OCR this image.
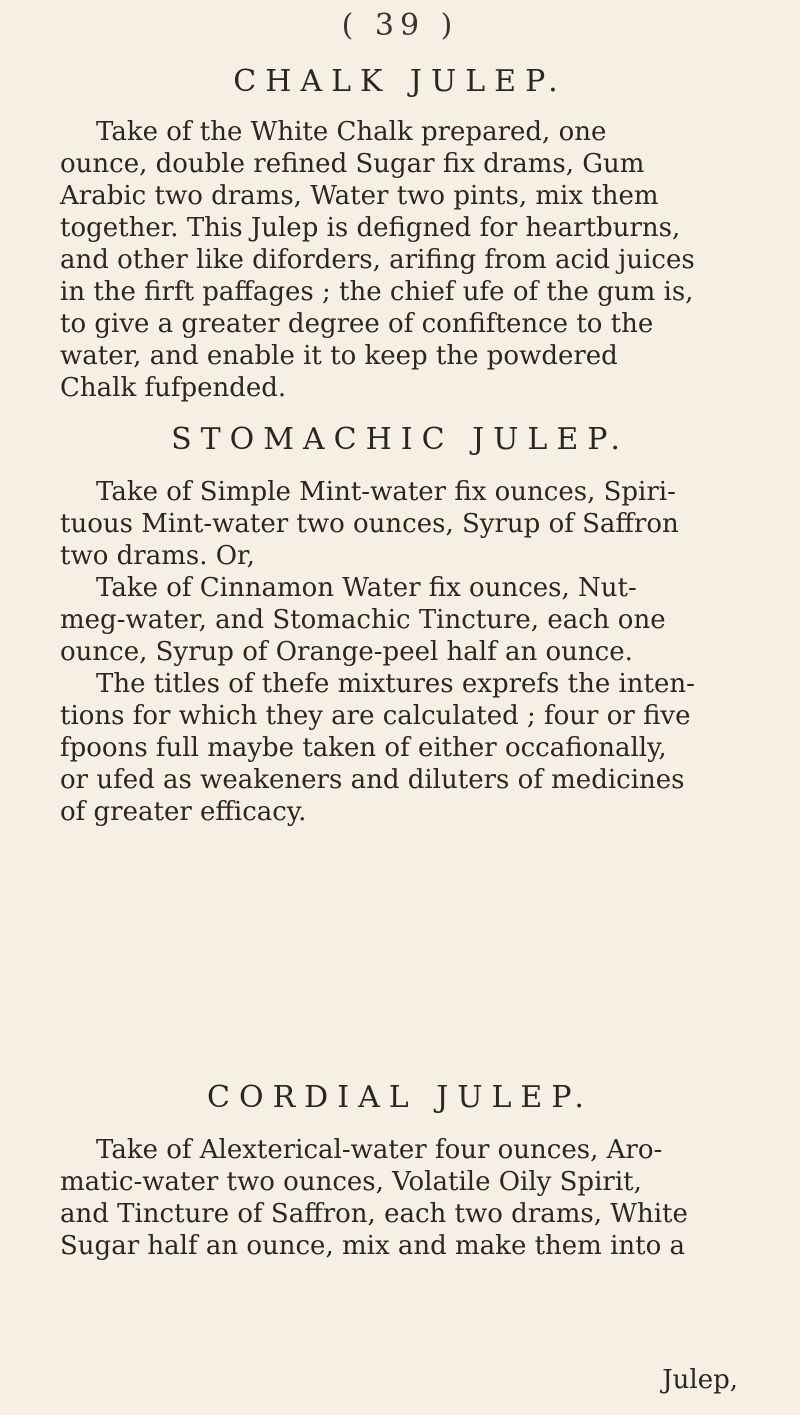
( 39 )
CHALK JULEP.

Take of the White Chalk prepared, one
ounce, double refined Sugar fix drams, Gum
Arabic two drams, Water two pints, mix them
together. This Julep is defigned for heartburns,
and other like diforders, arifing from acid juices
in the firft paffages ; the chief ufe of the gum is,
to give a greater degree of confiftence to the
water, and enable it to keep the powdered
Chalk fufpended.

STOMACHIC JULEP.

Take of Simple Mint-water fix ounces, Spiri-
tuous Mint-water two ounces, Syrup of Saffron
two drams. Or,

Take of Cinnamon Water fix ounces, Nut-
meg-water, and Stomachic Tincture, each one
ounce, Syrup of Orange-peel half an ounce.

The titles of thefe mixtures exprefs the inten-
tions for which they are calculated ; four or five
fpoons full maybe taken of either occafionally,
or ufed as weakeners and diluters of medicines
of greater efficacy.

CORDIAL JULEP.

Take of Alexterical-water four ounces, Aro-
matic-water two ounces, Volatile Oily Spirit,
and Tincture of Saffron, each two drams, White
Sugar half an ounce, mix and make them into a

Julep,
